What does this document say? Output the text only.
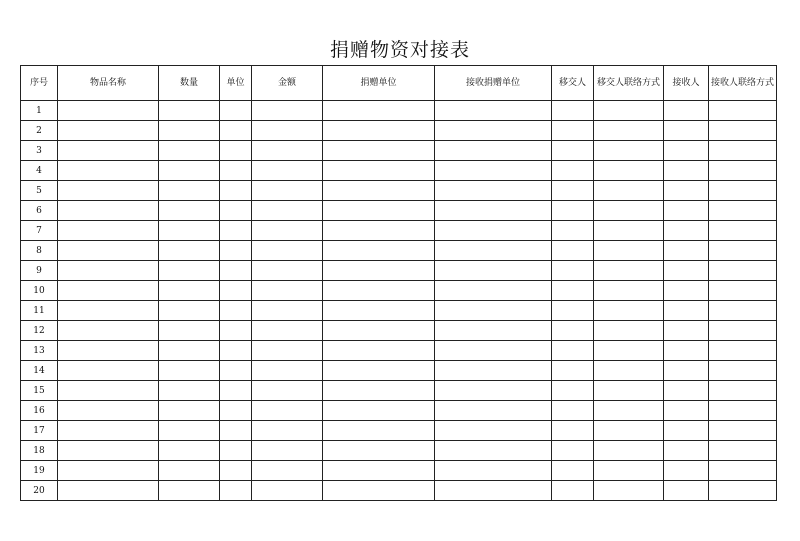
捐赠物资对接表
序号	物品名称	数量	单位	金额	捐赠单位	接收捐赠单位	移交人	移交人联络方式	接收人	接收人联络方式
1										
2										
3										
4										
5										
6										
7										
8										
9										
10										
11										
12										
13										
14										
15										
16										
17										
18										
19										
20										
